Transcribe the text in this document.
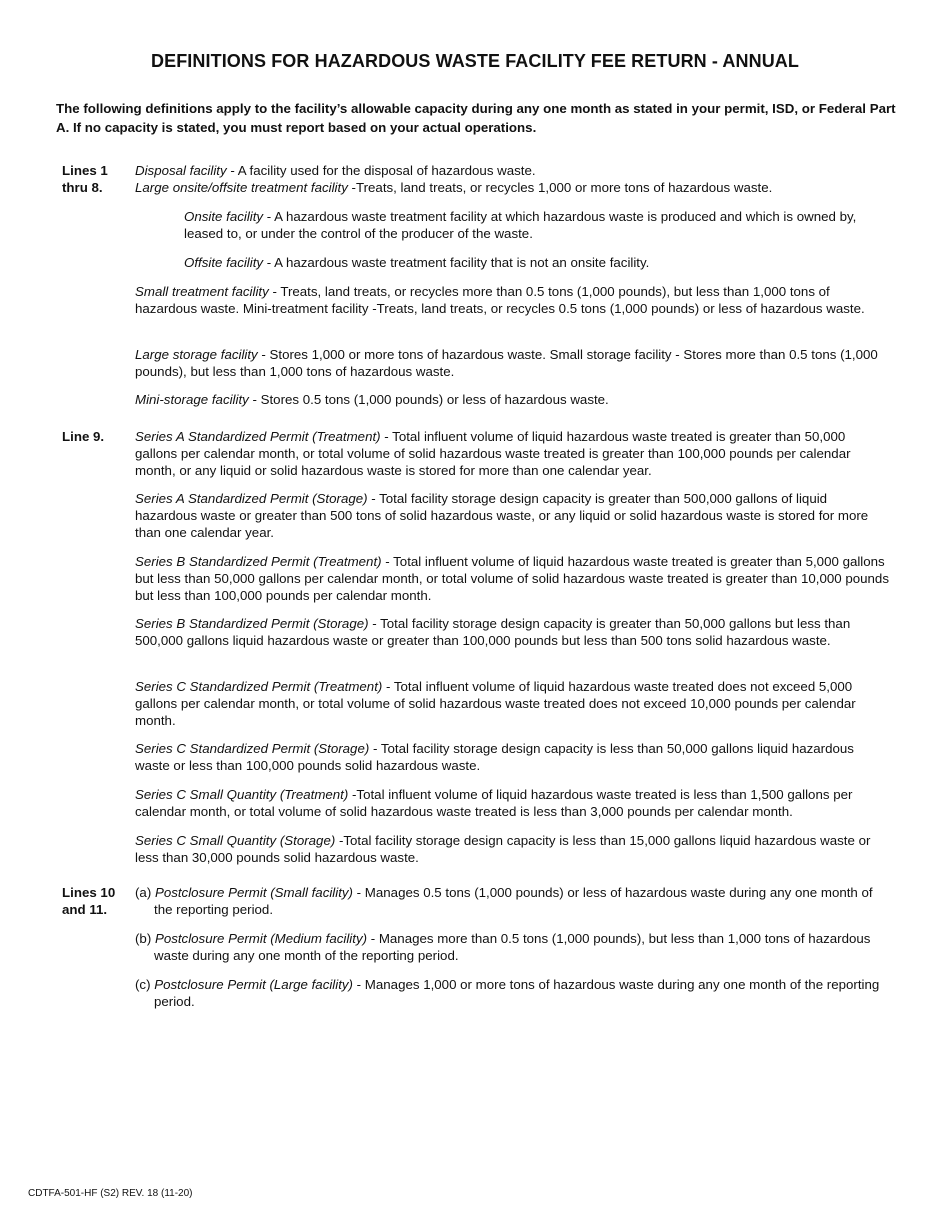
DEFINITIONS FOR HAZARDOUS WASTE FACILITY FEE RETURN - ANNUAL
The following definitions apply to the facility’s allowable capacity during any one month as stated in your permit, ISD, or Federal Part A. If no capacity is stated, you must report based on your actual operations.
Lines 1
thru 8.
Disposal facility - A facility used for the disposal of hazardous waste.
Large onsite/offsite treatment facility -Treats, land treats, or recycles 1,000 or more tons of hazardous waste.
Onsite facility - A hazardous waste treatment facility at which hazardous waste is produced and which is owned by, leased to, or under the control of the producer of the waste.
Offsite facility - A hazardous waste treatment facility that is not an onsite facility.
Small treatment facility - Treats, land treats, or recycles more than 0.5 tons (1,000 pounds), but less than 1,000 tons of hazardous waste. Mini-treatment facility -Treats, land treats, or recycles 0.5 tons (1,000 pounds) or less of hazardous waste.
Large storage facility - Stores 1,000 or more tons of hazardous waste. Small storage facility - Stores more than 0.5 tons (1,000 pounds), but less than 1,000 tons of hazardous waste.
Mini-storage facility - Stores 0.5 tons (1,000 pounds) or less of hazardous waste.
Line 9.	Series A Standardized Permit (Treatment) - Total influent volume of liquid hazardous waste treated is greater than 50,000 gallons per calendar month, or total volume of solid hazardous waste treated is greater than 100,000 pounds per calendar month, or any liquid or solid hazardous waste is stored for more than one calendar year.
Series A Standardized Permit (Storage) - Total facility storage design capacity is greater than 500,000 gallons of liquid hazardous waste or greater than 500 tons of solid hazardous waste, or any liquid or solid hazardous waste is stored for more than one calendar year.
Series B Standardized Permit (Treatment) - Total influent volume of liquid hazardous waste treated is greater than 5,000 gallons but less than 50,000 gallons per calendar month, or total volume of solid hazardous waste treated is greater than 10,000 pounds but less than 100,000 pounds per calendar month.
Series B Standardized Permit (Storage) - Total facility storage design capacity is greater than 50,000 gallons but less than 500,000 gallons liquid hazardous waste or greater than 100,000 pounds but less than 500 tons solid hazardous waste.
Series C Standardized Permit (Treatment) - Total influent volume of liquid hazardous waste treated does not exceed 5,000 gallons per calendar month, or total volume of solid hazardous waste treated does not exceed 10,000 pounds per calendar month.
Series C Standardized Permit (Storage) - Total facility storage design capacity is less than 50,000 gallons liquid hazardous waste or less than 100,000 pounds solid hazardous waste.
Series C Small Quantity (Treatment) -Total influent volume of liquid hazardous waste treated is less than 1,500 gallons per calendar month, or total volume of solid hazardous waste treated is less than 3,000 pounds per calendar month.
Series C Small Quantity (Storage) -Total facility storage design capacity is less than 15,000 gallons liquid hazardous waste or less than 30,000 pounds solid hazardous waste.
Lines 10
and 11.
(a) Postclosure Permit (Small facility) - Manages 0.5 tons (1,000 pounds) or less of hazardous waste during any one month of the reporting period.
(b) Postclosure Permit (Medium facility) - Manages more than 0.5 tons (1,000 pounds), but less than 1,000 tons of hazardous waste during any one month of the reporting period.
(c) Postclosure Permit (Large facility) - Manages 1,000 or more tons of hazardous waste during any one month of the reporting period.
CDTFA-501-HF (S2) REV. 18 (11-20)
